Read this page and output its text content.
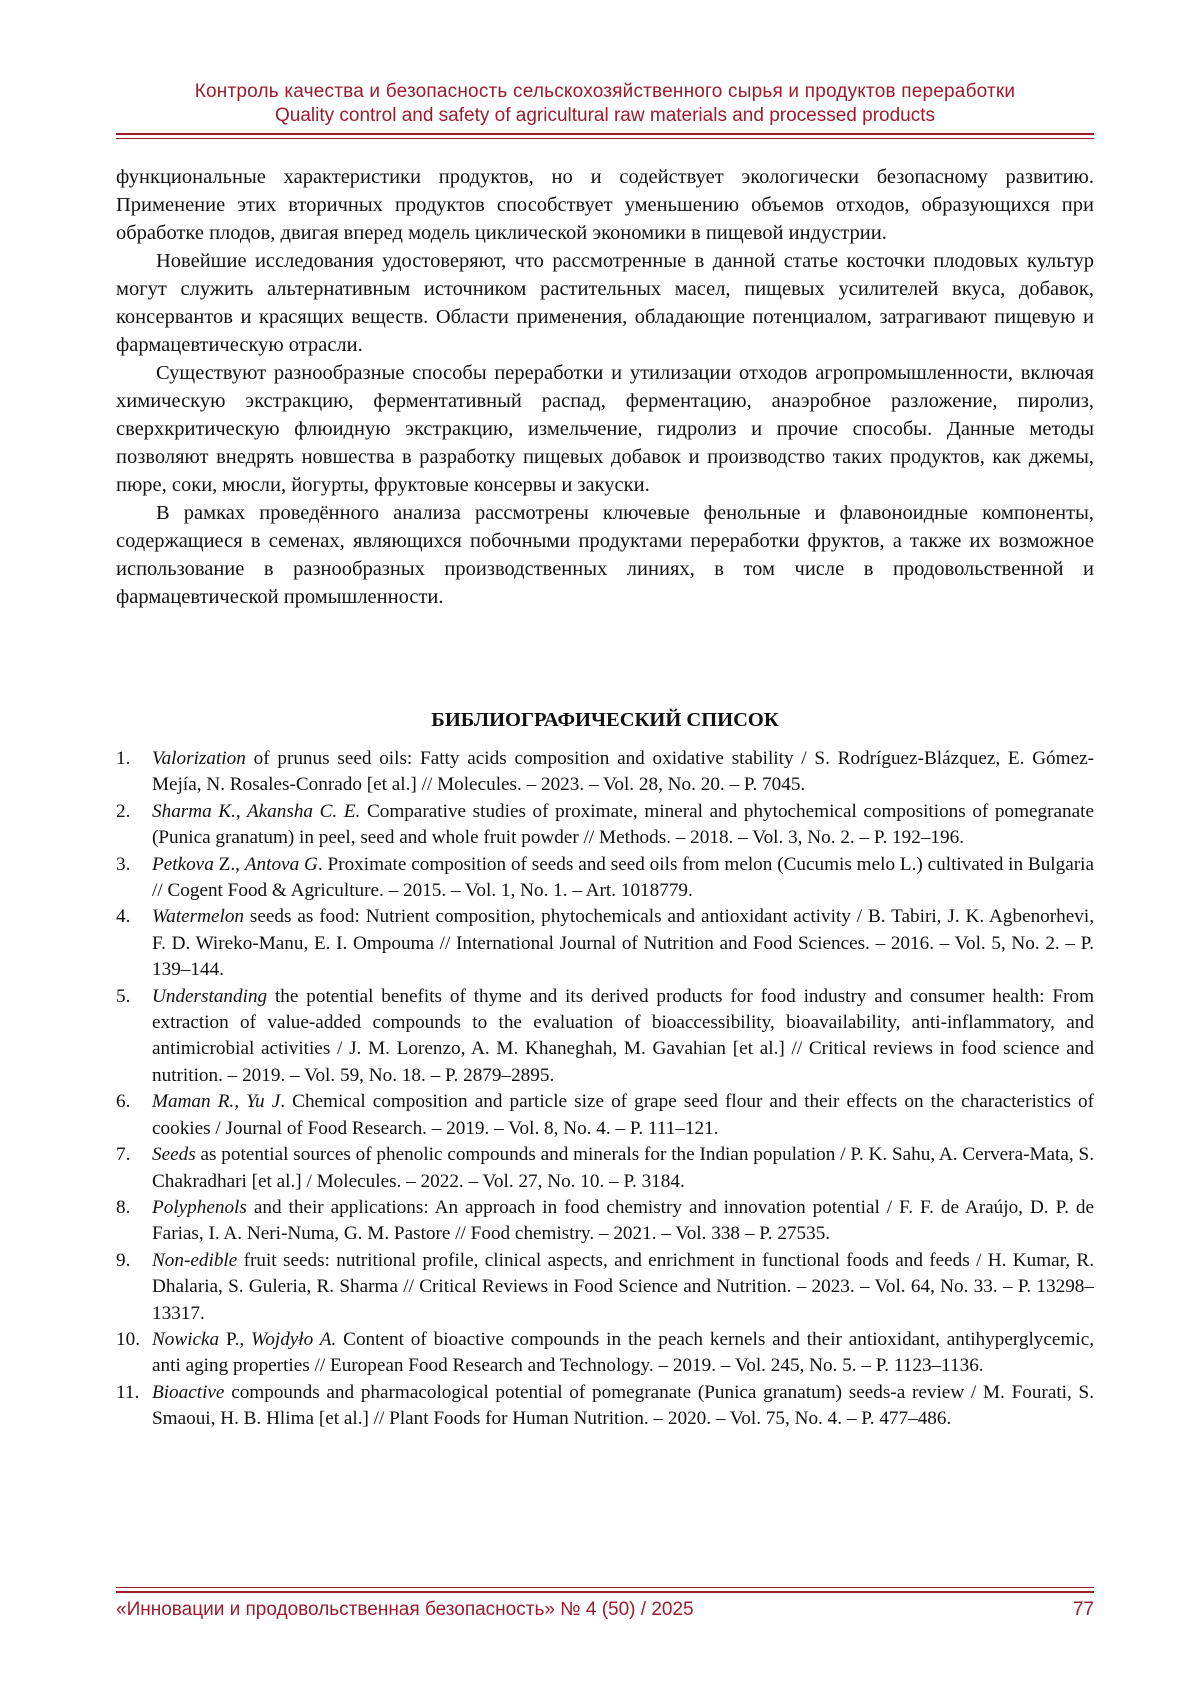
Контроль качества и безопасность сельскохозяйственного сырья и продуктов переработки
Quality control and safety of agricultural raw materials and processed products

функциональные характеристики продуктов, но и содействует экологически безопасному развитию. Применение этих вторичных продуктов способствует уменьшению объемов отходов, образующихся при обработке плодов, двигая вперед модель циклической экономики в пищевой индустрии.

Новейшие исследования удостоверяют, что рассмотренные в данной статье косточки плодовых культур могут служить альтернативным источником растительных масел, пищевых усилителей вкуса, добавок, консервантов и красящих веществ. Области применения, обладающие потенциалом, затрагивают пищевую и фармацевтическую отрасли.

Существуют разнообразные способы переработки и утилизации отходов агропромышленности, включая химическую экстракцию, ферментативный распад, ферментацию, анаэробное разложение, пиролиз, сверхкритическую флюидную экстракцию, измельчение, гидролиз и прочие способы. Данные методы позволяют внедрять новшества в разработку пищевых добавок и производство таких продуктов, как джемы, пюре, соки, мюсли, йогурты, фруктовые консервы и закуски.

В рамках проведённого анализа рассмотрены ключевые фенольные и флавоноидные компоненты, содержащиеся в семенах, являющихся побочными продуктами переработки фруктов, а также их возможное использование в разнообразных производственных линиях, в том числе в продовольственной и фармацевтической промышленности.

БИБЛИОГРАФИЧЕСКИЙ СПИСОК
1. Valorization of prunus seed oils: Fatty acids composition and oxidative stability / S. Rodríguez-Blázquez, E. Gómez-Mejía, N. Rosales-Conrado [et al.] // Molecules. – 2023. – Vol. 28, No. 20. – P. 7045.
2. Sharma K., Akansha C. E. Comparative studies of proximate, mineral and phytochemical compositions of pomegranate (Punica granatum) in peel, seed and whole fruit powder // Methods. – 2018. – Vol. 3, No. 2. – P. 192–196.
3. Petkova Z., Antova G. Proximate composition of seeds and seed oils from melon (Cucumis melo L.) cultivated in Bulgaria // Cogent Food & Agriculture. – 2015. – Vol. 1, No. 1. – Art. 1018779.
4. Watermelon seeds as food: Nutrient composition, phytochemicals and antioxidant activity / B. Tabiri, J. K. Agbenorhevi, F. D. Wireko-Manu, E. I. Ompouma // International Journal of Nutrition and Food Sciences. – 2016. – Vol. 5, No. 2. – P. 139–144.
5. Understanding the potential benefits of thyme and its derived products for food industry and consumer health: From extraction of value-added compounds to the evaluation of bioaccessibility, bioavailability, anti-inflammatory, and antimicrobial activities / J. M. Lorenzo, A. M. Khaneghah, M. Gavahian [et al.] // Critical reviews in food science and nutrition. – 2019. – Vol. 59, No. 18. – P. 2879–2895.
6. Maman R., Yu J. Chemical composition and particle size of grape seed flour and their effects on the characteristics of cookies / Journal of Food Research. – 2019. – Vol. 8, No. 4. – P. 111–121.
7. Seeds as potential sources of phenolic compounds and minerals for the Indian population / P. K. Sahu, A. Cervera-Mata, S. Chakradhari [et al.] / Molecules. – 2022. – Vol. 27, No. 10. – P. 3184.
8. Polyphenols and their applications: An approach in food chemistry and innovation potential / F. F. de Araújo, D. P. de Farias, I. A. Neri-Numa, G. M. Pastore // Food chemistry. – 2021. – Vol. 338 – P. 27535.
9. Non-edible fruit seeds: nutritional profile, clinical aspects, and enrichment in functional foods and feeds / H. Kumar, R. Dhalaria, S. Guleria, R. Sharma // Critical Reviews in Food Science and Nutrition. – 2023. – Vol. 64, No. 33. – P. 13298–13317.
10. Nowicka P., Wojdyło A. Content of bioactive compounds in the peach kernels and their antioxidant, antihyperglycemic, anti aging properties // European Food Research and Technology. – 2019. – Vol. 245, No. 5. – P. 1123–1136.
11. Bioactive compounds and pharmacological potential of pomegranate (Punica granatum) seeds-a review / M. Fourati, S. Smaoui, H. B. Hlima [et al.] // Plant Foods for Human Nutrition. – 2020. – Vol. 75, No. 4. – P. 477–486.
«Инновации и продовольственная безопасность» № 4 (50) / 2025	77
